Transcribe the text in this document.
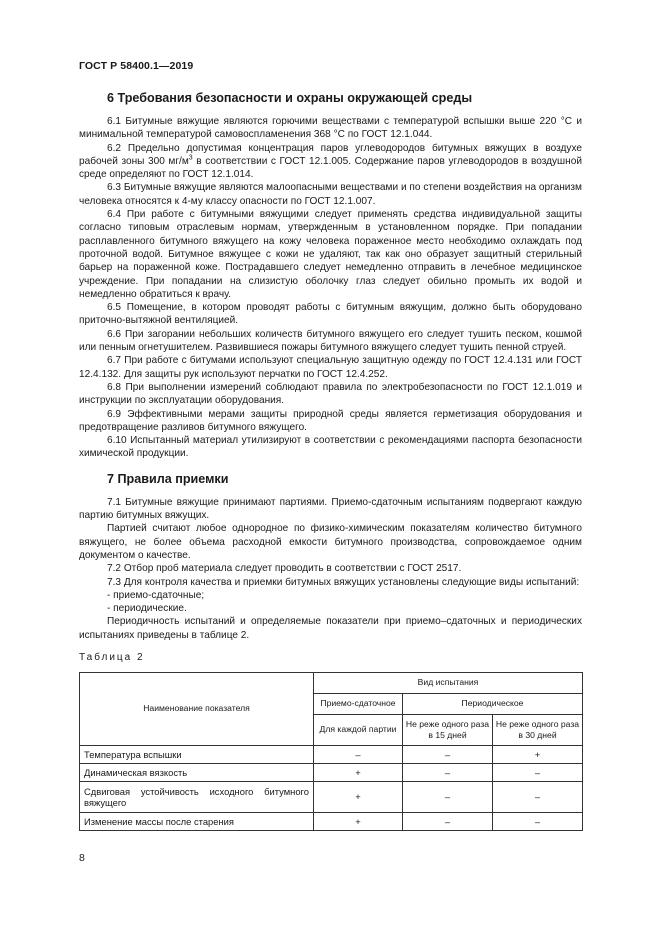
ГОСТ Р 58400.1—2019
6 Требования безопасности и охраны окружающей среды

6.1 Битумные вяжущие являются горючими веществами с температурой вспышки выше 220 °С и минимальной температурой самовоспламенения 368 °С по ГОСТ 12.1.044.

6.2 Предельно допустимая концентрация паров углеводородов битумных вяжущих в воздухе рабочей зоны 300 $мг/м^3$ в соответствии с ГОСТ 12.1.005. Содержание паров углеводородов в воздушной среде определяют по ГОСТ 12.1.014.

6.3 Битумные вяжущие являются малоопасными веществами и по степени воздействия на организм человека относятся к 4-му классу опасности по ГОСТ 12.1.007.

6.4 При работе с битумными вяжущими следует применять средства индивидуальной защиты согласно типовым отраслевым нормам, утвержденным в установленном порядке. При попадании расплавленного битумного вяжущего на кожу человека пораженное место необходимо охлаждать под проточной водой. Битумное вяжущее с кожи не удаляют, так как оно образует защитный стерильный барьер на пораженной коже. Пострадавшего следует немедленно отправить в лечебное медицинское учреждение. При попадании на слизистую оболочку глаз следует обильно промыть их водой и немедленно обратиться к врачу.

6.5 Помещение, в котором проводят работы с битумным вяжущим, должно быть оборудовано приточно-вытяжной вентиляцией.

6.6 При загорании небольших количеств битумного вяжущего его следует тушить песком, кошмой или пенным огнетушителем. Развившиеся пожары битумного вяжущего следует тушить пенной струей.

6.7 При работе с битумами используют специальную защитную одежду по ГОСТ 12.4.131 или ГОСТ 12.4.132. Для защиты рук используют перчатки по ГОСТ 12.4.252.

6.8 При выполнении измерений соблюдают правила по электробезопасности по ГОСТ 12.1.019 и инструкции по эксплуатации оборудования.

6.9 Эффективными мерами защиты природной среды является герметизация оборудования и предотвращение разливов битумного вяжущего.

6.10 Испытанный материал утилизируют в соответствии с рекомендациями паспорта безопасности химической продукции.

7 Правила приемки

7.1 Битумные вяжущие принимают партиями. Приемо-сдаточным испытаниям подвергают каждую партию битумных вяжущих.

Партией считают любое однородное по физико-химическим показателям количество битумного вяжущего, не более объема расходной емкости битумного производства, сопровождаемое одним документом о качестве.

7.2 Отбор проб материала следует проводить в соответствии с ГОСТ 2517.

7.3 Для контроля качества и приемки битумных вяжущих установлены следующие виды испытаний:

- приемо-сдаточные;

- периодические.

Периодичность испытаний и определяемые показатели при приемо–сдаточных и периодических испытаниях приведены в таблице 2.

Таблица 2
Наименование показателя	Вид испытания		
	Приемо-сдаточное	Периодическое	
	Для каждой партии	Не реже одного раза в 15 дней	Не реже одного раза в 30 дней
Температура вспышки	–	–	+
Динамическая вязкость	+	–	–
Сдвиговая устойчивость исходного битумного вяжущего	+	–	–
Изменение массы после старения	+	–	–
8
